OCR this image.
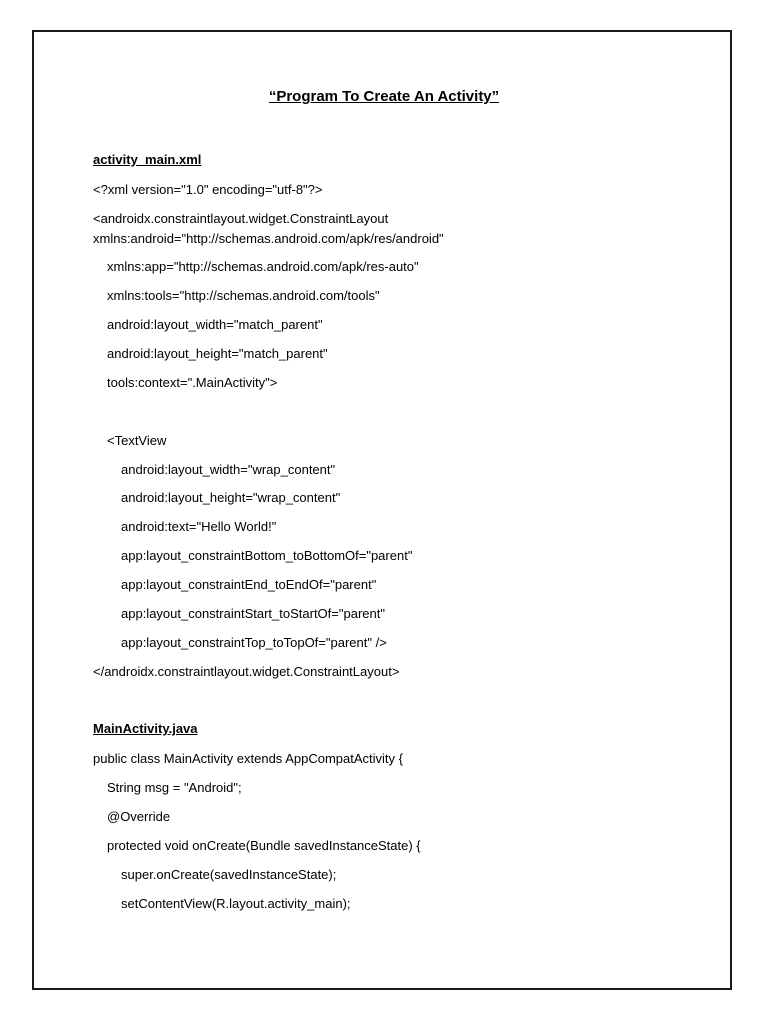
“Program To Create An Activity”
activity_main.xml
<?xml version="1.0" encoding="utf-8"?>
<androidx.constraintlayout.widget.ConstraintLayout
xmlns:android="http://schemas.android.com/apk/res/android"
xmlns:app="http://schemas.android.com/apk/res-auto"
xmlns:tools="http://schemas.android.com/tools"
android:layout_width="match_parent"
android:layout_height="match_parent"
tools:context=".MainActivity">
<TextView
android:layout_width="wrap_content"
android:layout_height="wrap_content"
android:text="Hello World!"
app:layout_constraintBottom_toBottomOf="parent"
app:layout_constraintEnd_toEndOf="parent"
app:layout_constraintStart_toStartOf="parent"
app:layout_constraintTop_toTopOf="parent" />
</androidx.constraintlayout.widget.ConstraintLayout>
MainActivity.java
public class MainActivity extends AppCompatActivity {
String msg = "Android";
@Override
protected void onCreate(Bundle savedInstanceState) {
super.onCreate(savedInstanceState);
setContentView(R.layout.activity_main);
